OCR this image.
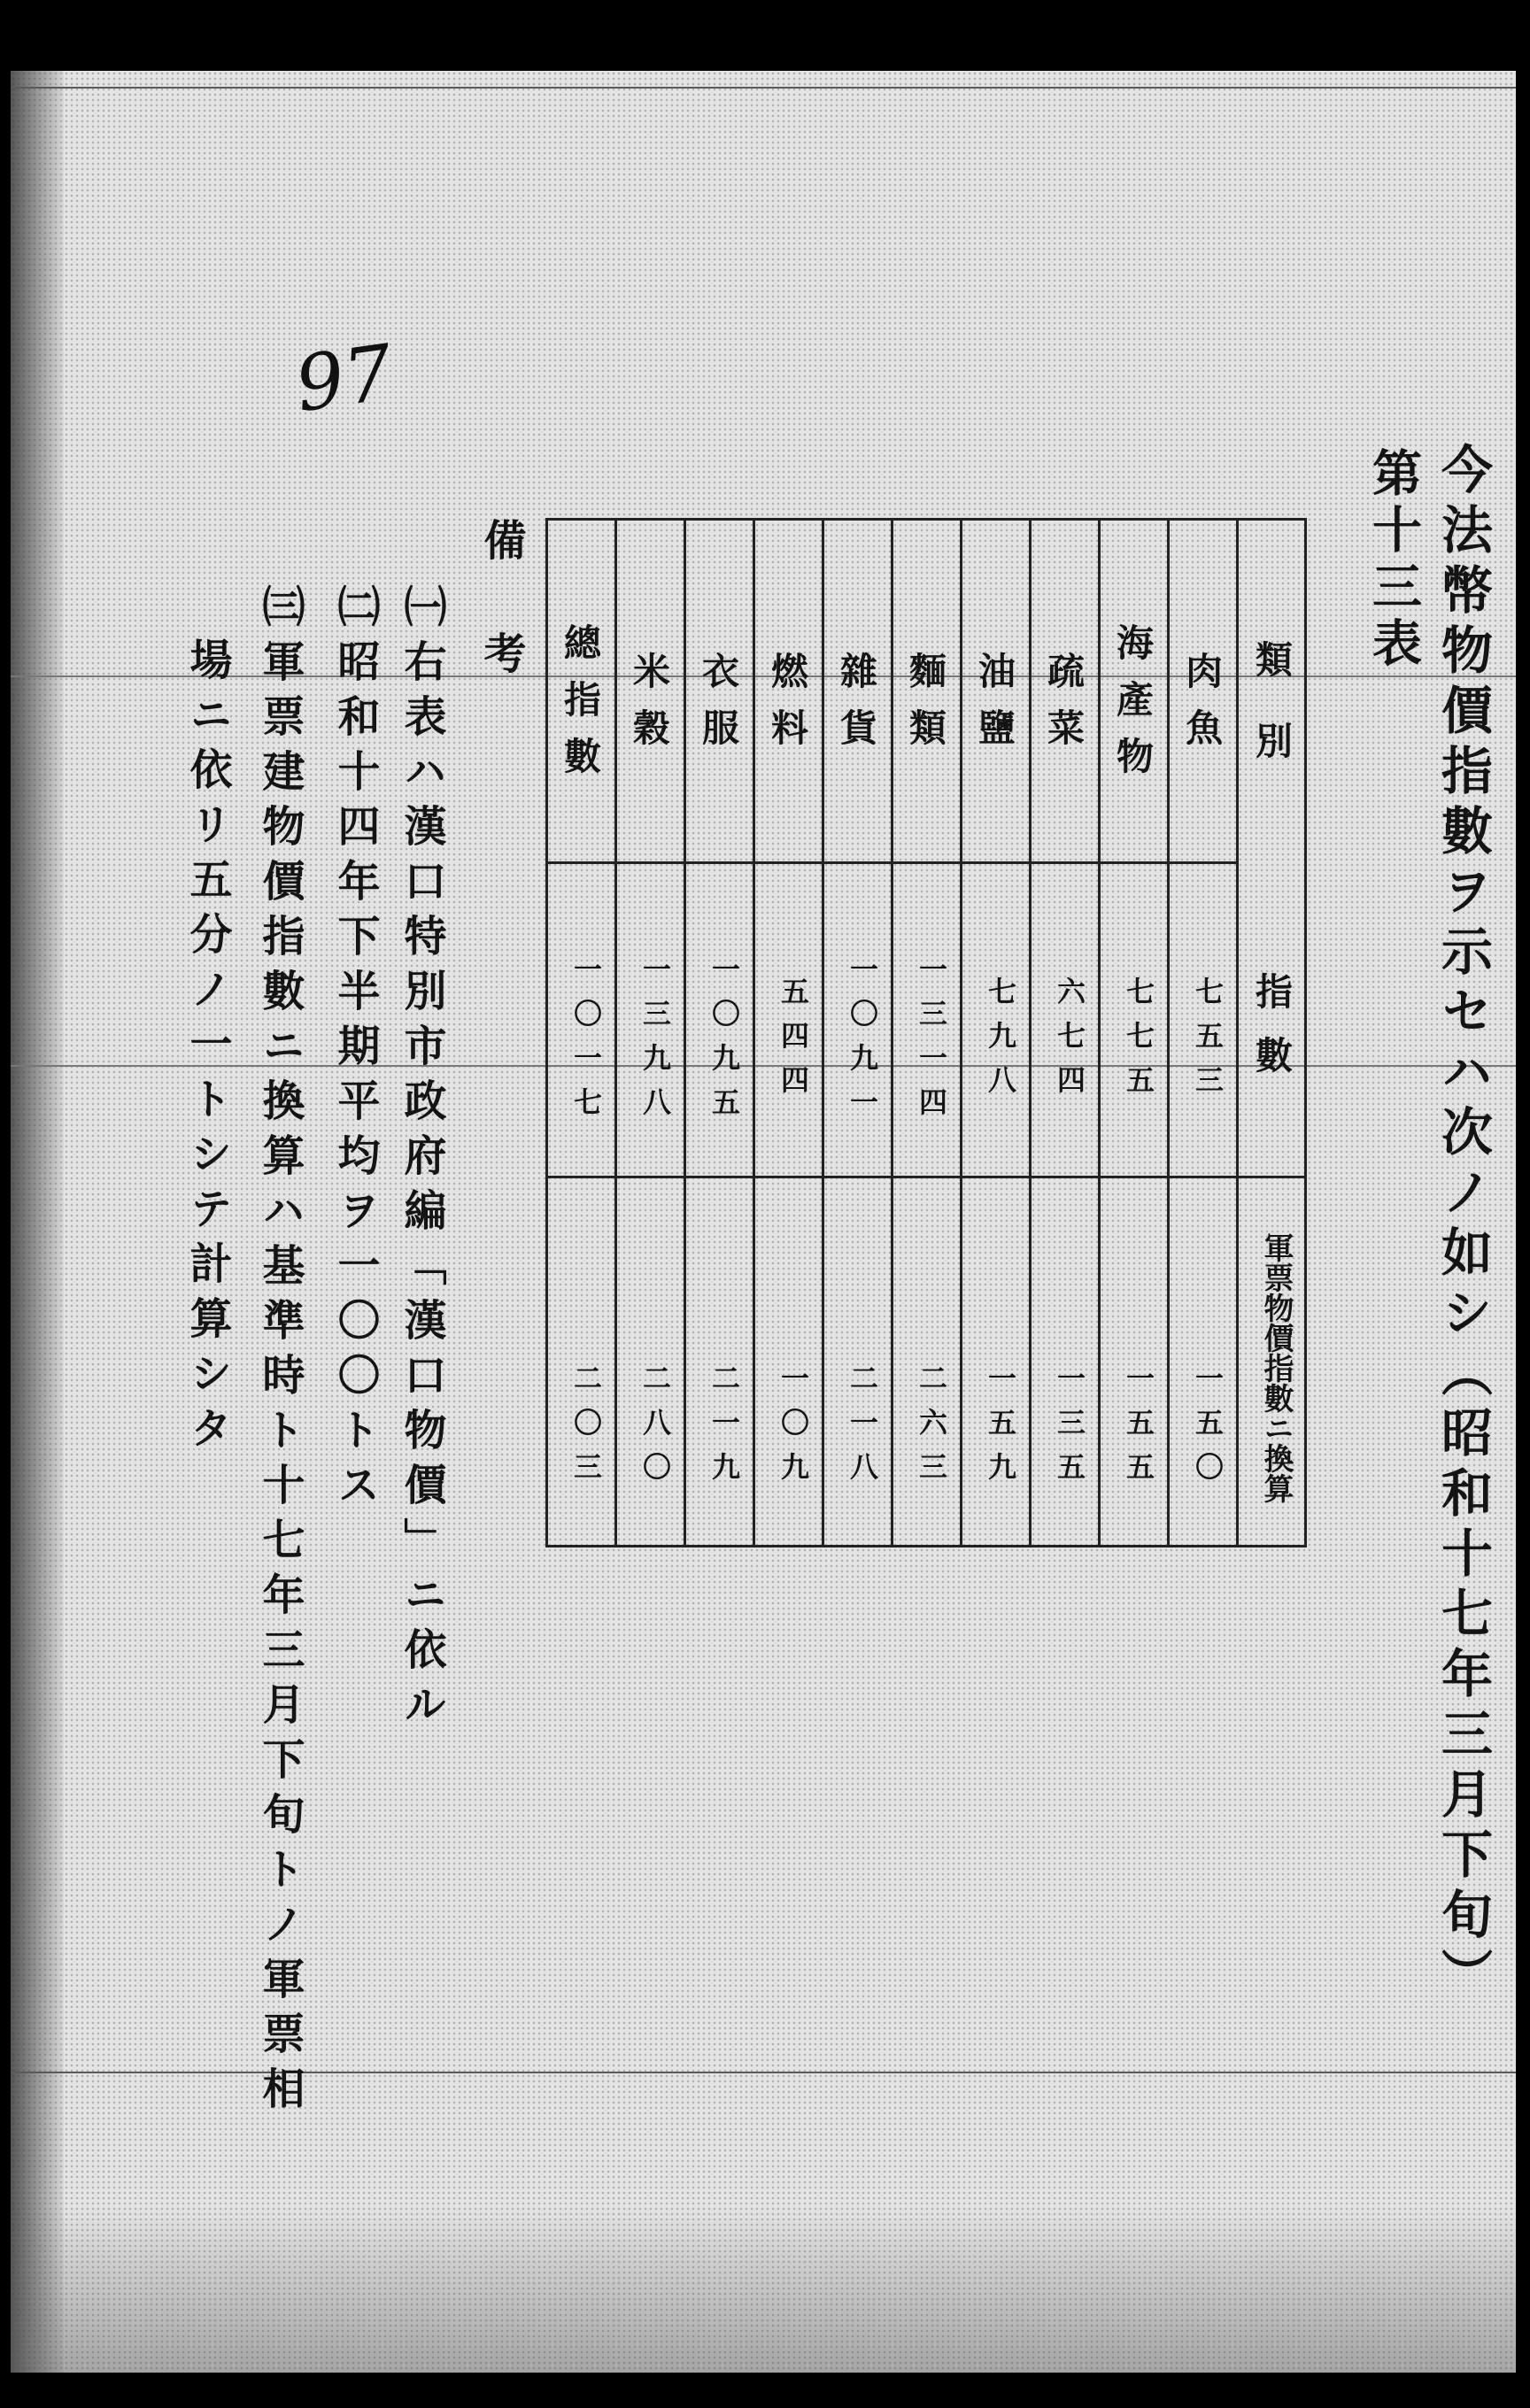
97
今法幣物價指數ヲ示セハ次ノ如シ（昭和十七年三月下旬）
第十三表
類別
指數
軍票物價指數ニ換算
肉魚
七五三
一五〇
海產物
七七五
一五五
疏菜
六七四
一三五
油鹽
七九八
一五九
麵類
一三一四
二六三
雜貨
一〇九一
二一八
燃料
五四四
一〇九
衣服
一〇九五
二一九
米穀
一三九八
二八〇
總指數
一〇一七
二〇三
備考
㈠右表ハ漢口特別市政府編「漢口物價」ニ依ル
㈡昭和十四年下半期平均ヲ一〇〇トス
㈢軍票建物價指數ニ換算ハ基準時ト十七年三月下旬トノ軍票相
場ニ依リ五分ノ一トシテ計算シタ
